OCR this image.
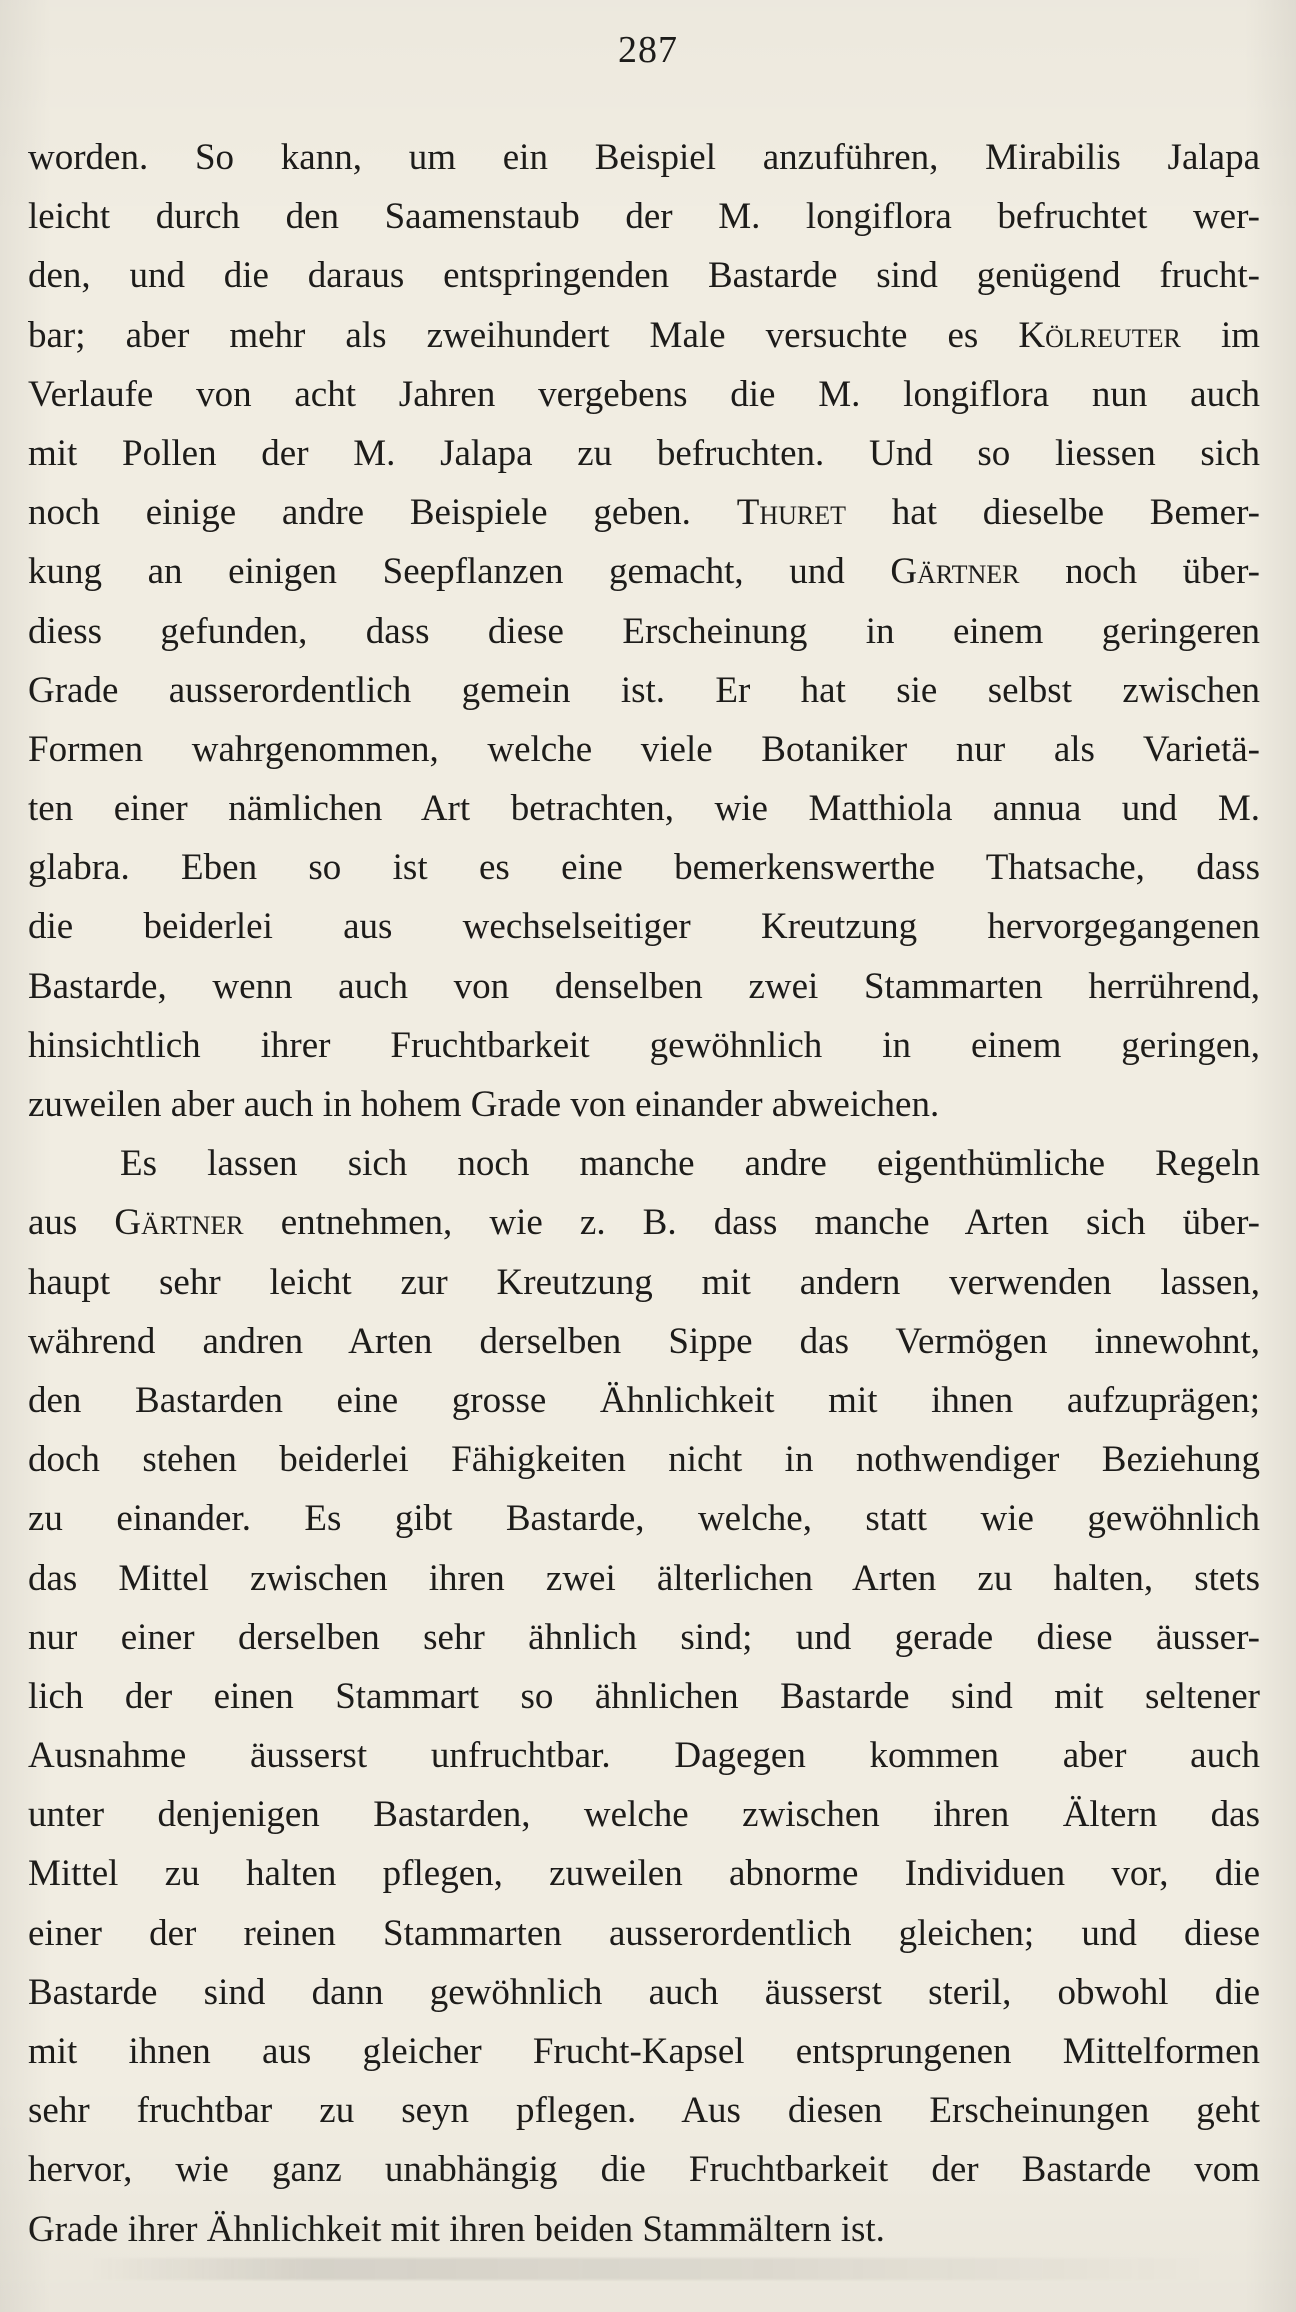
287
worden. So kann, um ein Beispiel anzuführen, Mirabilis Jalapa
leicht durch den Saamenstaub der M. longiflora befruchtet wer-
den, und die daraus entspringenden Bastarde sind genügend frucht-
bar; aber mehr als zweihundert Male versuchte es Kölreuter im
Verlaufe von acht Jahren vergebens die M. longiflora nun auch
mit Pollen der M. Jalapa zu befruchten. Und so liessen sich
noch einige andre Beispiele geben. Thuret hat dieselbe Bemer-
kung an einigen Seepflanzen gemacht, und Gärtner noch über-
diess gefunden, dass diese Erscheinung in einem geringeren
Grade ausserordentlich gemein ist. Er hat sie selbst zwischen
Formen wahrgenommen, welche viele Botaniker nur als Varietä-
ten einer nämlichen Art betrachten, wie Matthiola annua und M.
glabra. Eben so ist es eine bemerkenswerthe Thatsache, dass
die beiderlei aus wechselseitiger Kreutzung hervorgegangenen
Bastarde, wenn auch von denselben zwei Stammarten herrührend,
hinsichtlich ihrer Fruchtbarkeit gewöhnlich in einem geringen,
zuweilen aber auch in hohem Grade von einander abweichen.
Es lassen sich noch manche andre eigenthümliche Regeln
aus Gärtner entnehmen, wie z. B. dass manche Arten sich über-
haupt sehr leicht zur Kreutzung mit andern verwenden lassen,
während andren Arten derselben Sippe das Vermögen innewohnt,
den Bastarden eine grosse Ähnlichkeit mit ihnen aufzuprägen;
doch stehen beiderlei Fähigkeiten nicht in nothwendiger Beziehung
zu einander. Es gibt Bastarde, welche, statt wie gewöhnlich
das Mittel zwischen ihren zwei älterlichen Arten zu halten, stets
nur einer derselben sehr ähnlich sind; und gerade diese äusser-
lich der einen Stammart so ähnlichen Bastarde sind mit seltener
Ausnahme äusserst unfruchtbar. Dagegen kommen aber auch
unter denjenigen Bastarden, welche zwischen ihren Ältern das
Mittel zu halten pflegen, zuweilen abnorme Individuen vor, die
einer der reinen Stammarten ausserordentlich gleichen; und diese
Bastarde sind dann gewöhnlich auch äusserst steril, obwohl die
mit ihnen aus gleicher Frucht-Kapsel entsprungenen Mittelformen
sehr fruchtbar zu seyn pflegen. Aus diesen Erscheinungen geht
hervor, wie ganz unabhängig die Fruchtbarkeit der Bastarde vom
Grade ihrer Ähnlichkeit mit ihren beiden Stammältern ist.
